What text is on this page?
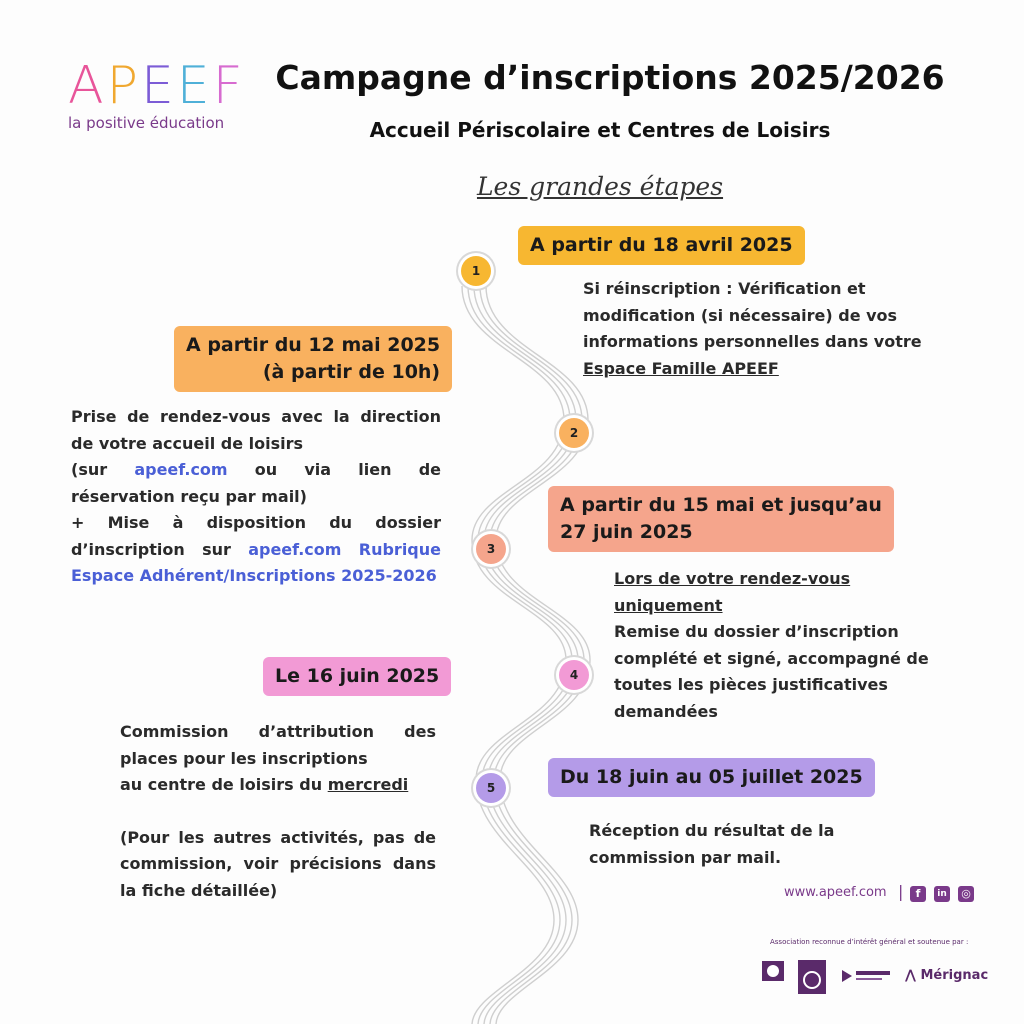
A P E E F
la positive éducation
Campagne d’inscriptions 2025/2026
Accueil Périscolaire et Centres de Loisirs
Les grandes étapes
1
2
3
4
5
A partir du 18 avril 2025
Si réinscription : Vérification et modification (si nécessaire) de vos informations personnelles dans votre Espace Famille APEEF
A partir du 12 mai 2025
(à partir de 10h)
Prise de rendez-vous avec la direction de votre accueil de loisirs
(sur apeef.com ou via lien de réservation reçu par mail)
+ Mise à disposition du dossier d’inscription sur apeef.com Rubrique Espace Adhérent/Inscriptions 2025-2026
A partir du 15 mai et jusqu’au
27 juin 2025
Lors de votre rendez-vous uniquement
Remise du dossier d’inscription complété et signé, accompagné de toutes les pièces justificatives demandées
Le 16 juin 2025
Commission d’attribution des places pour les inscriptions
au centre de loisirs du mercredi
(Pour les autres activités, pas de commission, voir précisions dans la fiche détaillée)
Du 18 juin au 05 juillet 2025
Réception du résultat de la commission par mail.
www.apeef.com |	f	in ◎
Association reconnue d’intérêt général et soutenue par :
⋀ Mérignac
